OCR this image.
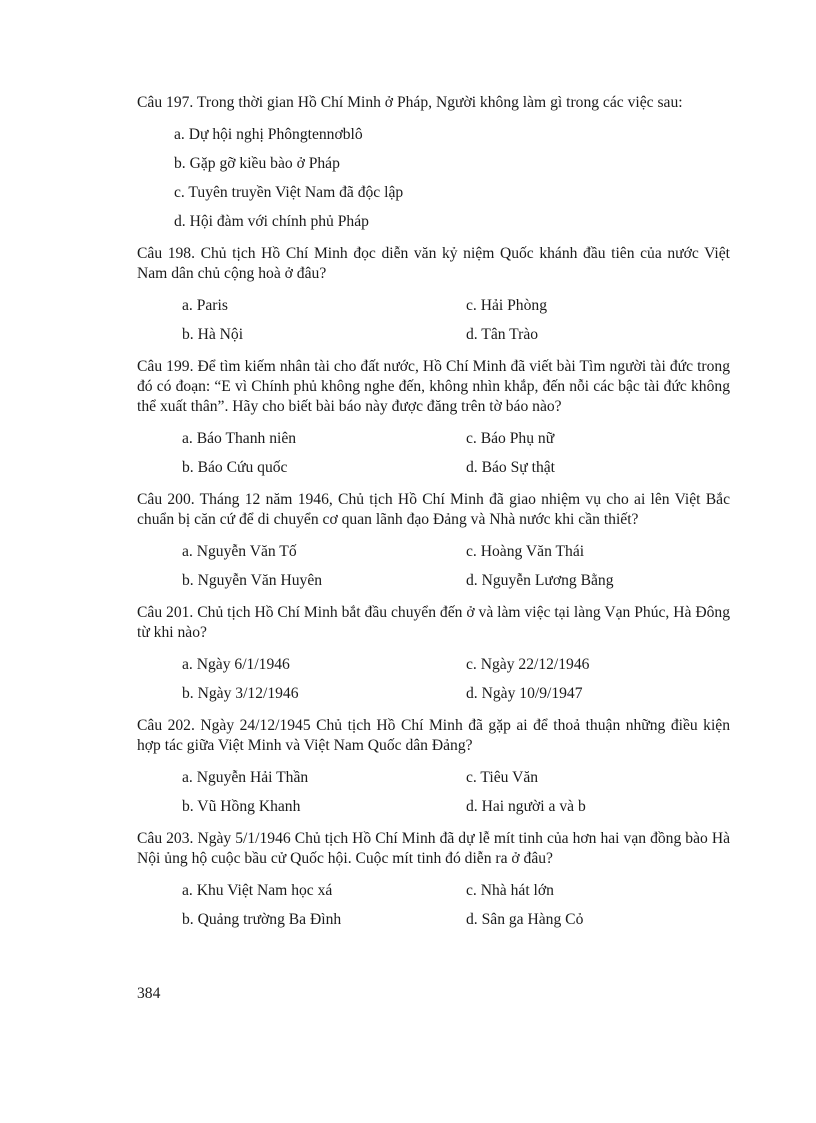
Câu 197. Trong thời gian Hồ Chí Minh ở Pháp, Người không làm gì trong các việc sau:

a. Dự hội nghị Phôngtennơblô
b. Gặp gỡ kiều bào ở Pháp
c. Tuyên truyền Việt Nam đã độc lập
d. Hội đàm với chính phủ Pháp

Câu 198. Chủ tịch Hồ Chí Minh đọc diễn văn kỷ niệm Quốc khánh đầu tiên của nước Việt Nam dân chủ cộng hoà ở đâu?

a. Paris	c. Hải Phòng
b. Hà Nội	d. Tân Trào

Câu 199. Để tìm kiếm nhân tài cho đất nước, Hồ Chí Minh đã viết bài Tìm người tài đức trong đó có đoạn: “E vì Chính phủ không nghe đến, không nhìn khắp, đến nỗi các bậc tài đức không thể xuất thân”. Hãy cho biết bài báo này được đăng trên tờ báo nào?

a. Báo Thanh niên	c. Báo Phụ nữ
b. Báo Cứu quốc	d. Báo Sự thật

Câu 200. Tháng 12 năm 1946, Chủ tịch Hồ Chí Minh đã giao nhiệm vụ cho ai lên Việt Bắc chuẩn bị căn cứ để di chuyển cơ quan lãnh đạo Đảng và Nhà nước khi cần thiết?

a. Nguyễn Văn Tố	c. Hoàng Văn Thái
b. Nguyễn Văn Huyên	d. Nguyễn Lương Bằng

Câu 201. Chủ tịch Hồ Chí Minh bắt đầu chuyển đến ở và làm việc tại làng Vạn Phúc, Hà Đông từ khi nào?

a. Ngày 6/1/1946	c. Ngày 22/12/1946
b. Ngày 3/12/1946	d. Ngày 10/9/1947

Câu 202. Ngày 24/12/1945 Chủ tịch Hồ Chí Minh đã gặp ai để thoả thuận những điều kiện hợp tác giữa Việt Minh và Việt Nam Quốc dân Đảng?

a. Nguyễn Hải Thần	c. Tiêu Văn
b. Vũ Hồng Khanh	d. Hai người a và b

Câu 203. Ngày 5/1/1946 Chủ tịch Hồ Chí Minh đã dự lễ mít tinh của hơn hai vạn đồng bào Hà Nội ủng hộ cuộc bầu cử Quốc hội. Cuộc mít tinh đó diễn ra ở đâu?

a. Khu Việt Nam học xá	c. Nhà hát lớn
b. Quảng trường Ba Đình	d. Sân ga Hàng Cỏ
384
